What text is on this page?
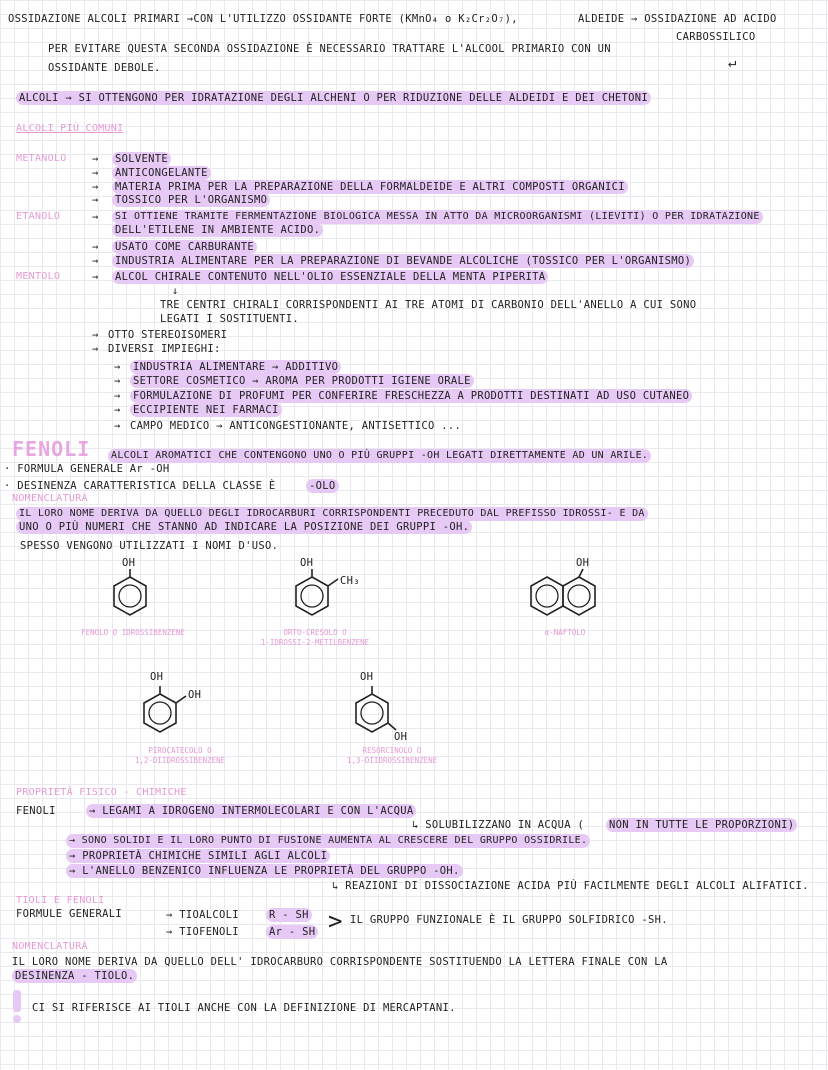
OSSIDAZIONE ALCOLI PRIMARI →CON L'UTILIZZO OSSIDANTE FORTE (KMnO₄ o K₂Cr₂O₇),	ALDEIDE → OSSIDAZIONE AD ACIDO
CARBOSSILICO
PER EVITARE QUESTA SECONDA OSSIDAZIONE È NECESSARIO TRATTARE L'ALCOOL PRIMARIO CON UN
OSSIDANTE DEBOLE.	↵
ALCOLI → SI OTTENGONO PER IDRATAZIONE DEGLI ALCHENI O PER RIDUZIONE DELLE ALDEIDI E DEI CHETONI
ALCOLI PIÙ COMUNI
METANOLO → SOLVENTE
→ ANTICONGELANTE
→ MATERIA PRIMA PER LA PREPARAZIONE DELLA FORMALDEIDE E ALTRI COMPOSTI ORGANICI
→ TOSSICO PER L'ORGANISMO
ETANOLO	→	SI OTTIENE TRAMITE FERMENTAZIONE BIOLOGICA MESSA IN ATTO DA MICROORGANISMI (LIEVITI) O PER IDRATAZIONE
DELL'ETILENE IN AMBIENTE ACIDO.
→ USATO COME CARBURANTE
→ INDUSTRIA ALIMENTARE PER LA PREPARAZIONE DI BEVANDE ALCOLICHE (TOSSICO PER L'ORGANISMO)
MENTOLO	→ ALCOL CHIRALE CONTENUTO NELL'OLIO ESSENZIALE DELLA MENTA PIPERITA
↓
TRE CENTRI CHIRALI CORRISPONDENTI AI TRE ATOMI DI CARBONIO DELL'ANELLO A CUI SONO
LEGATI I SOSTITUENTI.
→ OTTO STEREOISOMERI
→ DIVERSI IMPIEGHI:
→ INDUSTRIA ALIMENTARE → ADDITIVO
→ SETTORE COSMETICO → AROMA PER PRODOTTI IGIENE ORALE
→ FORMULAZIONE DI PROFUMI PER CONFERIRE FRESCHEZZA A PRODOTTI DESTINATI AD USO CUTANEO
→ ECCIPIENTE NEI FARMACI
→ CAMPO MEDICO → ANTICONGESTIONANTE, ANTISETTICO ...
FENOLI	ALCOLI AROMATICI CHE CONTENGONO UNO O PIÙ GRUPPI -OH LEGATI DIRETTAMENTE AD UN ARILE.
· FORMULA GENERALE Ar -OH
· DESINENZA CARATTERISTICA DELLA CLASSE È	-OLO
NOMENCLATURA
IL LORO NOME DERIVA DA QUELLO DEGLI IDROCARBURI CORRISPONDENTI PRECEDUTO DAL PREFISSO IDROSSI- E DA
UNO O PIÙ NUMERI CHE STANNO AD INDICARE LA POSIZIONE DEI GRUPPI -OH.
SPESSO VENGONO UTILIZZATI I NOMI D'USO.
OH
FENOLO O IDROSSIBENZENE
OH
CH₃
ORTO-CRESOLO O
1-IDROSSI-2-METILBENZENE
OH
α-NAFTOLO
OH
OH
PIROCATECOLO O
1,2-DIIDROSSIBENZENE
OH
OH
RESORCINOLO O
1,3-DIIDROSSIBENZENE
PROPRIETÀ FISICO - CHIMICHE
FENOLI	→ LEGAMI A IDROGENO INTERMOLECOLARI E CON L'ACQUA
↳ SOLUBILIZZANO IN ACQUA ( NON IN TUTTE LE PROPORZIONI)
→ SONO SOLIDI E IL LORO PUNTO DI FUSIONE AUMENTA AL CRESCERE DEL GRUPPO OSSIDRILE.
→ PROPRIETÀ CHIMICHE SIMILI AGLI ALCOLI
→ L'ANELLO BENZENICO INFLUENZA LE PROPRIETÀ DEL GRUPPO -OH.
↳ REAZIONI DI DISSOCIAZIONE ACIDA PIÙ FACILMENTE DEGLI ALCOLI ALIFATICI.
TIOLI E FENOLI
FORMULE GENERALI	→ TIOALCOLI	R - SH
→ TIOFENOLI	Ar - SH > IL GRUPPO FUNZIONALE È IL GRUPPO SOLFIDRICO -SH.
NOMENCLATURA
IL LORO NOME DERIVA DA QUELLO DELL' IDROCARBURO CORRISPONDENTE SOSTITUENDO LA LETTERA FINALE CON LA
DESINENZA - TIOLO.
CI SI RIFERISCE AI TIOLI ANCHE CON LA DEFINIZIONE DI MERCAPTANI.
